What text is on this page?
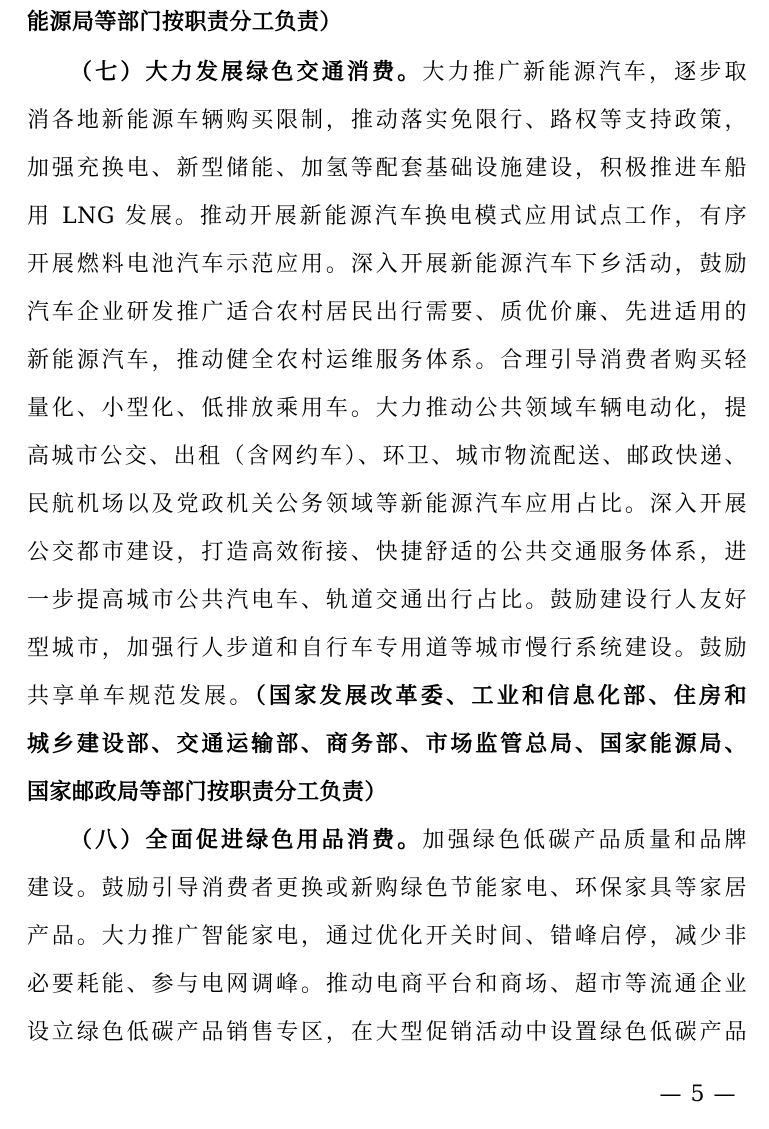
能源局等部门按职责分工负责）
（七）大力发展绿色交通消费。大力推广新能源汽车，逐步取
消各地新能源车辆购买限制，推动落实免限行、路权等支持政策，
加强充换电、新型储能、加氢等配套基础设施建设，积极推进车船
用 LNG 发展。推动开展新能源汽车换电模式应用试点工作，有序
开展燃料电池汽车示范应用。深入开展新能源汽车下乡活动，鼓励
汽车企业研发推广适合农村居民出行需要、质优价廉、先进适用的
新能源汽车，推动健全农村运维服务体系。合理引导消费者购买轻
量化、小型化、低排放乘用车。大力推动公共领域车辆电动化，提
高城市公交、出租（含网约车）、环卫、城市物流配送、邮政快递、
民航机场以及党政机关公务领域等新能源汽车应用占比。深入开展
公交都市建设，打造高效衔接、快捷舒适的公共交通服务体系，进
一步提高城市公共汽电车、轨道交通出行占比。鼓励建设行人友好
型城市，加强行人步道和自行车专用道等城市慢行系统建设。鼓励
共享单车规范发展。（国家发展改革委、工业和信息化部、住房和
城乡建设部、交通运输部、商务部、市场监管总局、国家能源局、
国家邮政局等部门按职责分工负责）
（八）全面促进绿色用品消费。加强绿色低碳产品质量和品牌
建设。鼓励引导消费者更换或新购绿色节能家电、环保家具等家居
产品。大力推广智能家电，通过优化开关时间、错峰启停，减少非
必要耗能、参与电网调峰。推动电商平台和商场、超市等流通企业
设立绿色低碳产品销售专区，在大型促销活动中设置绿色低碳产品
— 5 —
